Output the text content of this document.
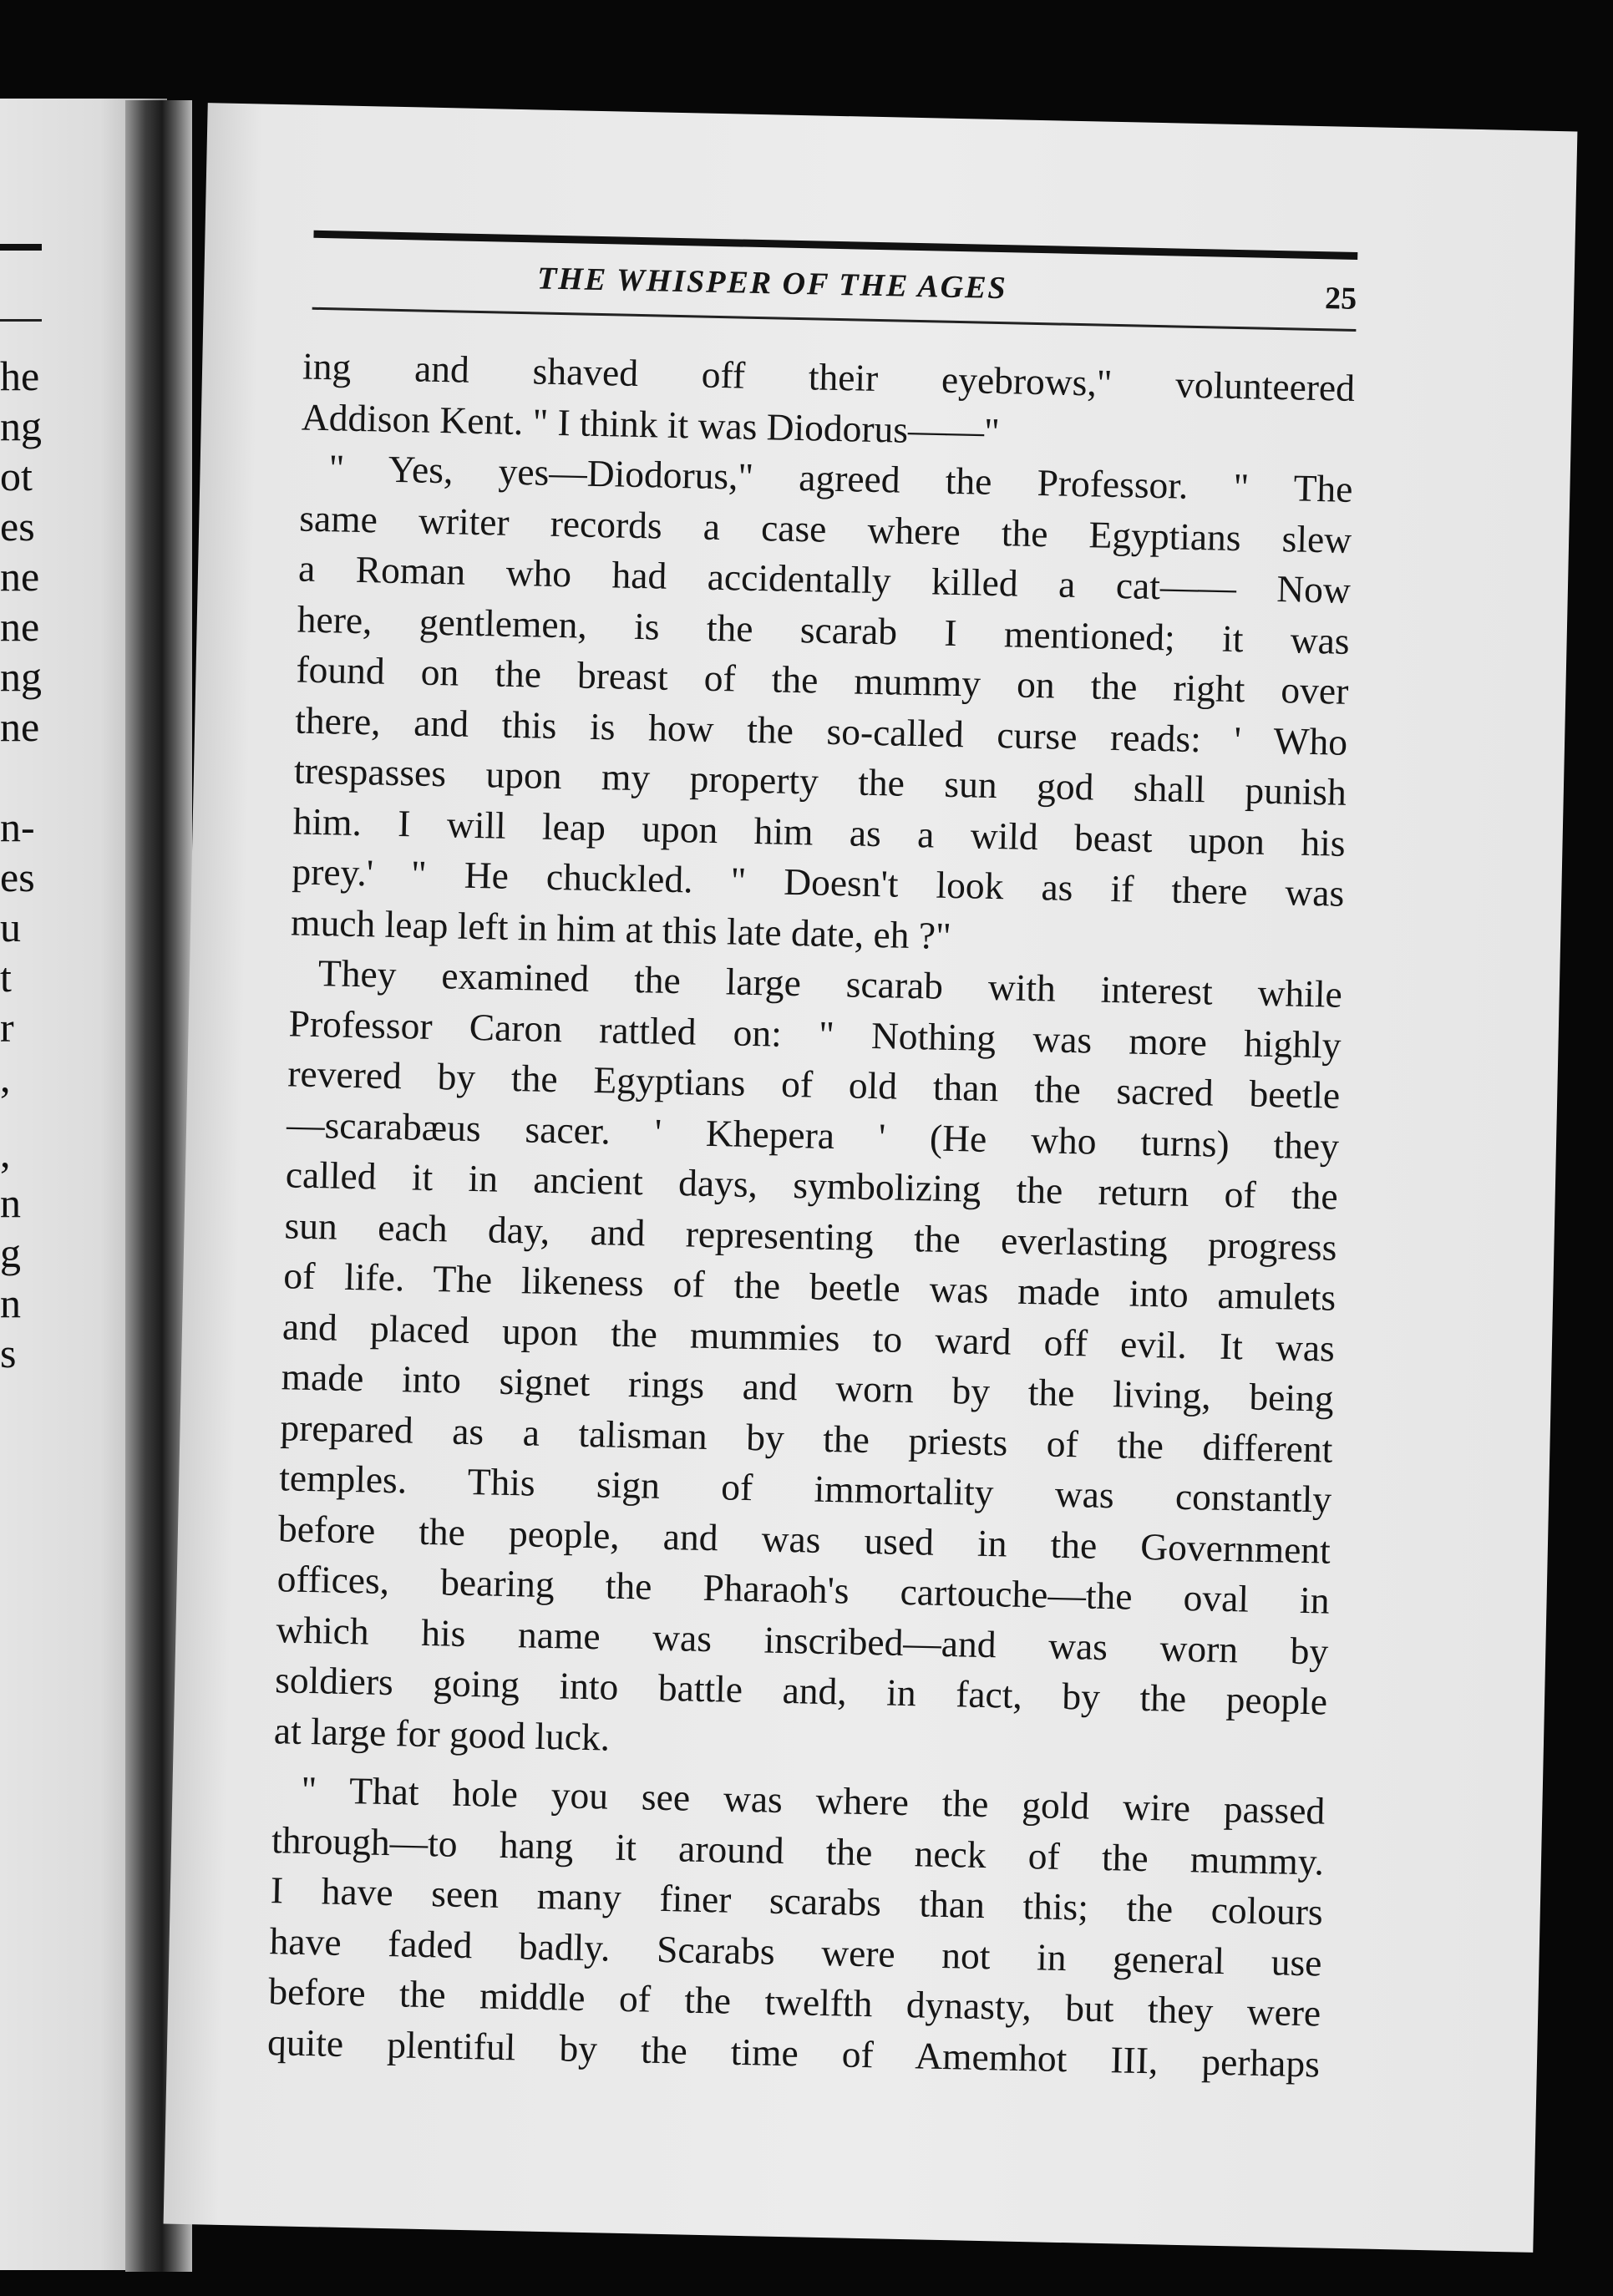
he
ng
ot
es
ne
ne
ng
ne
n-
es
u
t
r
,
,
n
g
n
s
THE WHISPER OF THE AGES	25
ing and shaved off their eyebrows," volunteered
Addison Kent. " I think it was Diodorus——"
" Yes, yes—Diodorus," agreed the Professor. " The
same writer records a case where the Egyptians slew
a Roman who had accidentally killed a cat—— Now
here, gentlemen, is the scarab I mentioned; it was
found on the breast of the mummy on the right over
there, and this is how the so-called curse reads: ' Who
trespasses upon my property the sun god shall punish
him. I will leap upon him as a wild beast upon his
prey.' " He chuckled. " Doesn't look as if there was
much leap left in him at this late date, eh ?"
They examined the large scarab with interest while
Professor Caron rattled on: " Nothing was more highly
revered by the Egyptians of old than the sacred beetle
—scarabæus sacer. ' Khepera ' (He who turns) they
called it in ancient days, symbolizing the return of the
sun each day, and representing the everlasting progress
of life. The likeness of the beetle was made into amulets
and placed upon the mummies to ward off evil. It was
made into signet rings and worn by the living, being
prepared as a talisman by the priests of the different
temples. This sign of immortality was constantly
before the people, and was used in the Government
offices, bearing the Pharaoh's cartouche—the oval in
which his name was inscribed—and was worn by
soldiers going into battle and, in fact, by the people
at large for good luck.
" That hole you see was where the gold wire passed
through—to hang it around the neck of the mummy.
I have seen many finer scarabs than this; the colours
have faded badly. Scarabs were not in general use
before the middle of the twelfth dynasty, but they were
quite plentiful by the time of Amemhot III, perhaps
